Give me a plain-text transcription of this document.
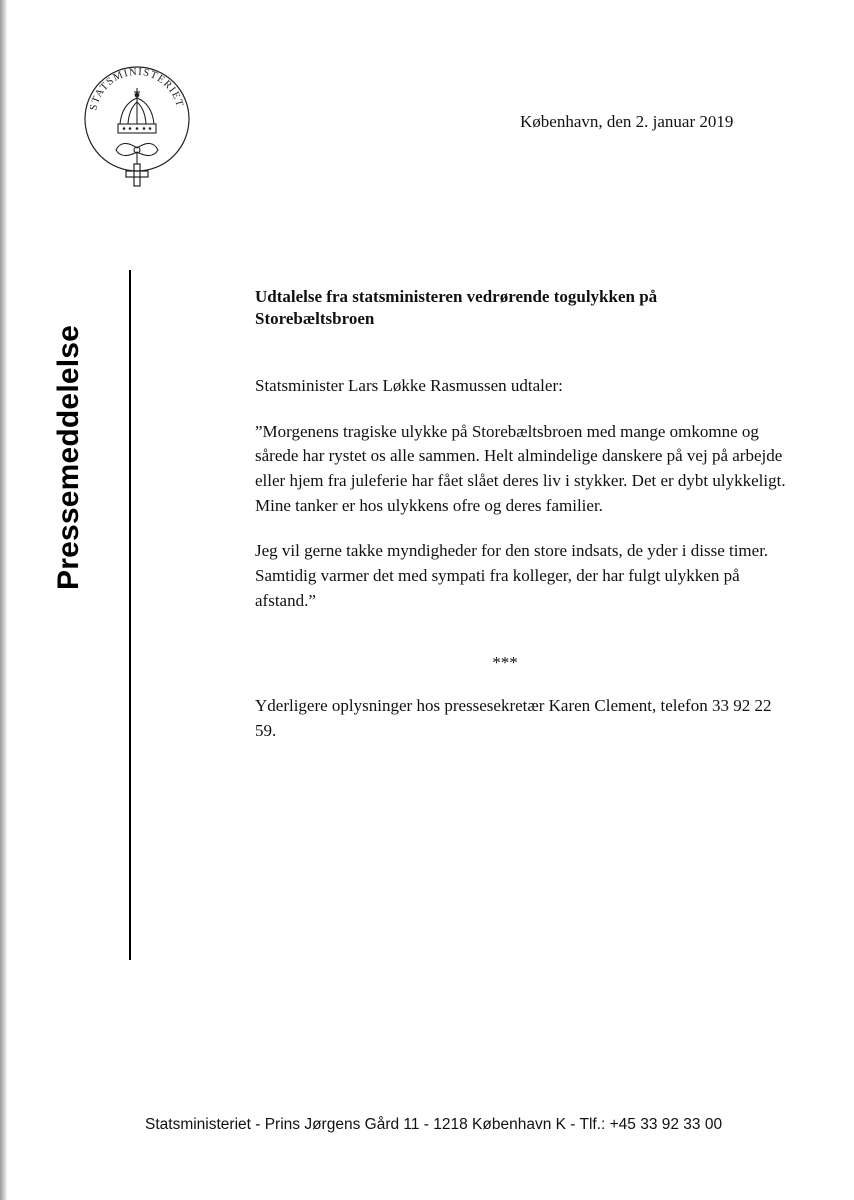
STATSMINISTERIET
København, den 2. januar 2019
Pressemeddelelse
Udtalelse fra statsministeren vedrørende togulykken på Storebæltsbroen
Statsminister Lars Løkke Rasmussen udtaler:
”Morgenens tragiske ulykke på Storebæltsbroen med mange omkomne og sårede har rystet os alle sammen. Helt almindelige danskere på vej på arbejde eller hjem fra juleferie har fået slået deres liv i stykker. Det er dybt ulykkeligt.
Mine tanker er hos ulykkens ofre og deres familier.
Jeg vil gerne takke myndigheder for den store indsats, de yder i disse timer.
Samtidig varmer det med sympati fra kolleger, der har fulgt ulykken på afstand.”
***
Yderligere oplysninger hos pressesekretær Karen Clement, telefon 33 92 22 59.
Statsministeriet - Prins Jørgens Gård 11 - 1218 København K - Tlf.: +45 33 92 33 00
